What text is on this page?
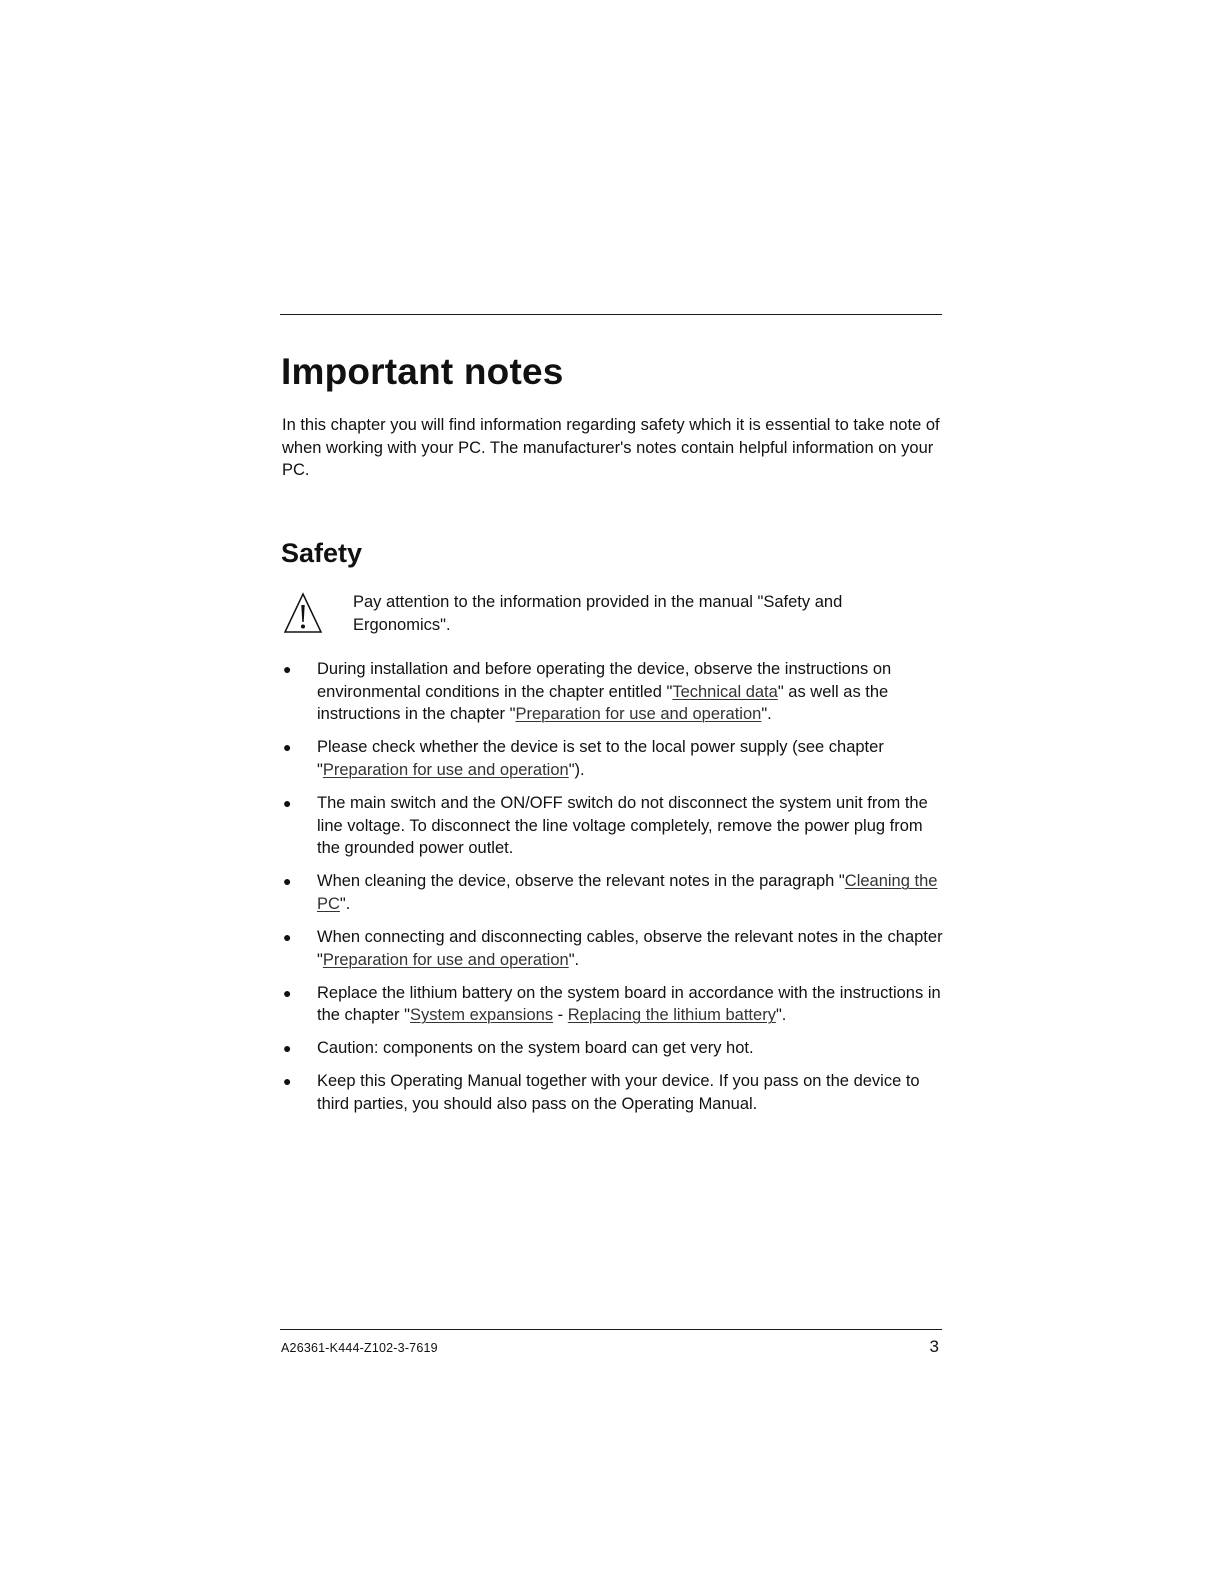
Important notes

In this chapter you will find information regarding safety which it is essential to take note of when working with your PC. The manufacturer's notes contain helpful information on your PC.

Safety

Pay attention to the information provided in the manual "Safety and Ergonomics".

● During installation and before operating the device, observe the instructions on environmental conditions in the chapter entitled "Technical data" as well as the instructions in the chapter "Preparation for use and operation".
● Please check whether the device is set to the local power supply (see chapter "Preparation for use and operation").
● The main switch and the ON/OFF switch do not disconnect the system unit from the line voltage. To disconnect the line voltage completely, remove the power plug from the grounded power outlet.
● When cleaning the device, observe the relevant notes in the paragraph "Cleaning the PC".
● When connecting and disconnecting cables, observe the relevant notes in the chapter "Preparation for use and operation".
● Replace the lithium battery on the system board in accordance with the instructions in the chapter "System expansions - Replacing the lithium battery".
● Caution: components on the system board can get very hot.
● Keep this Operating Manual together with your device. If you pass on the device to third parties, you should also pass on the Operating Manual.

A26361-K444-Z102-3-7619	3
